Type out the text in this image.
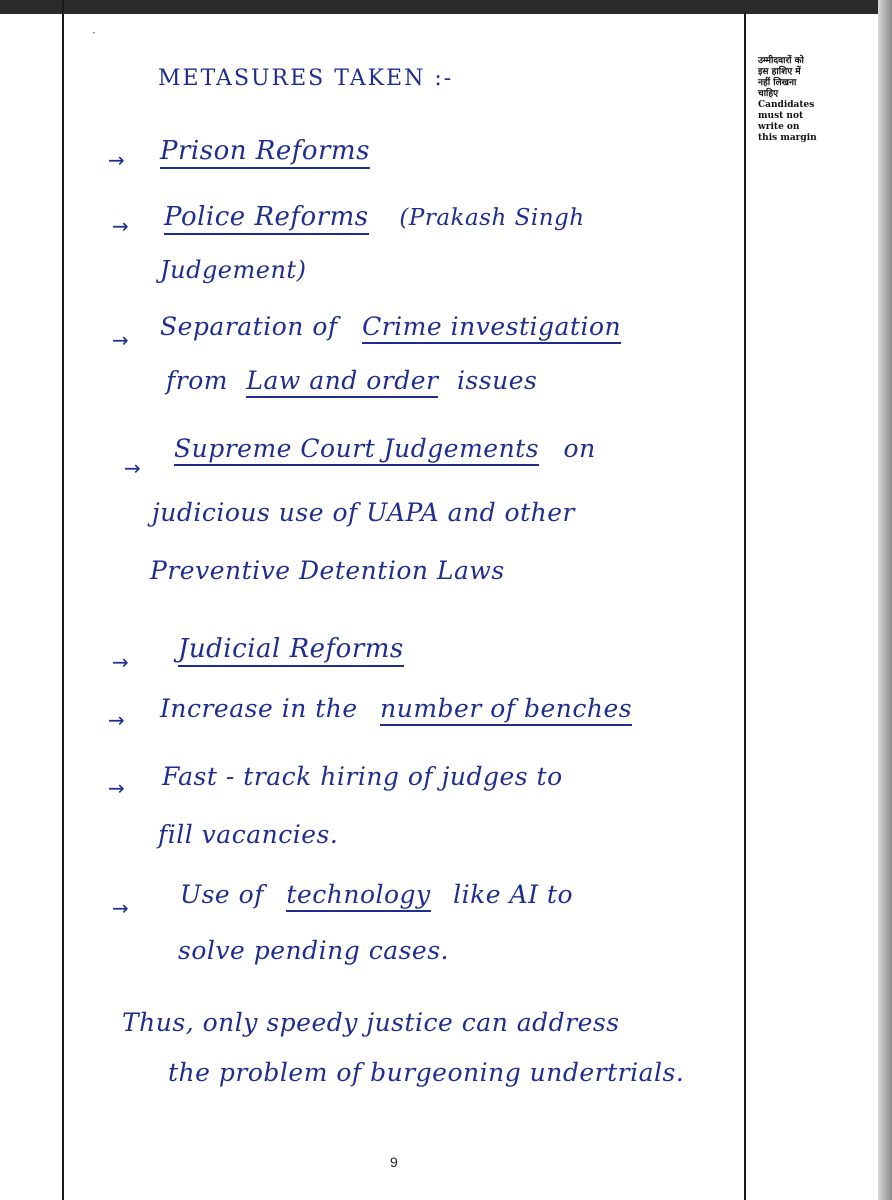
·
उम्मीदवारों को
इस हाशिए में
नहीं लिखना
चाहिए
Candidates
must not
write on
this margin
METASURES TAKEN :-
→ Prison Reforms
→ Police Reforms (Prakash Singh
Judgement)
→ Separation of Crime investigation
from Law and order issues
→
Supreme Court Judgements on
judicious use of UAPA and other
Preventive Detention Laws
→ Judicial Reforms
→ Increase in the number of benches
→ Fast - track hiring of judges to
fill vacancies.
→ Use of technology like AI to
solve pending cases.
Thus, only speedy justice can address
the problem of burgeoning undertrials.
9
